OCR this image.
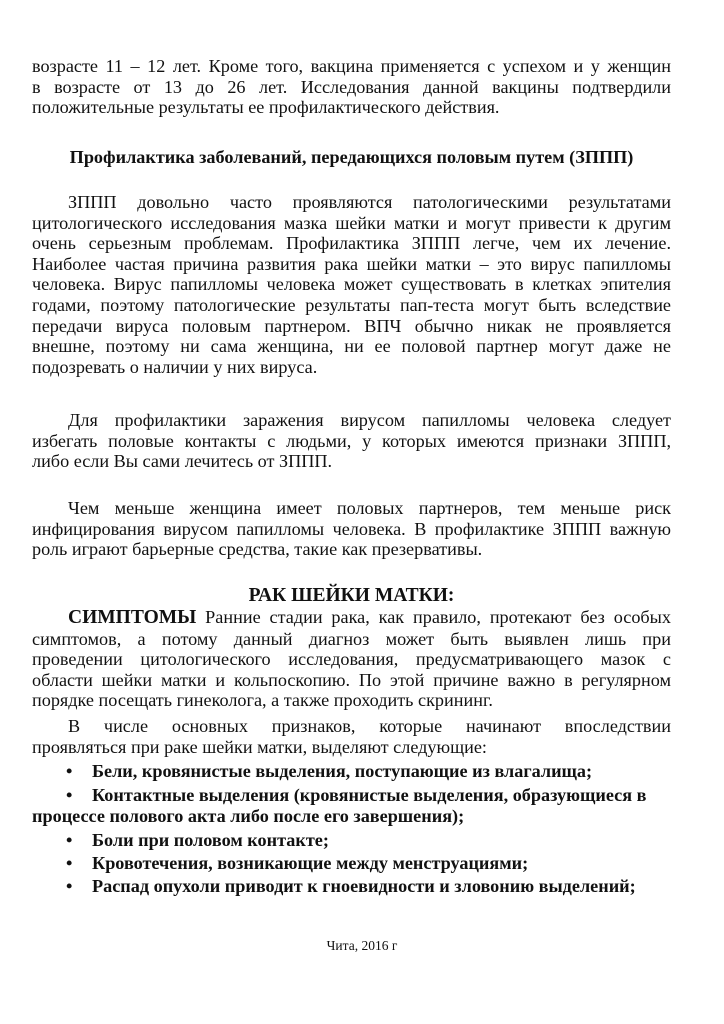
возрасте 11 – 12 лет. Кроме того, вакцина применяется с успехом и у женщин
в возрасте от 13 до 26 лет. Исследования данной вакцины подтвердили
положительные результаты ее профилактического действия.
Профилактика заболеваний, передающихся половым путем (ЗППП)
ЗППП довольно часто проявляются патологическими результатами
цитологического исследования мазка шейки матки и могут привести к другим
очень серьезным проблемам. Профилактика ЗППП легче, чем их лечение.
Наиболее частая причина развития рака шейки матки – это вирус папилломы
человека. Вирус папилломы человека может существовать в клетках эпителия
годами, поэтому патологические результаты пап-теста могут быть вследствие
передачи вируса половым партнером. ВПЧ обычно никак не проявляется
внешне, поэтому ни сама женщина, ни ее половой партнер могут даже не
подозревать о наличии у них вируса.
Для профилактики заражения вирусом папилломы человека следует
избегать половые контакты с людьми, у которых имеются признаки ЗППП,
либо если Вы сами лечитесь от ЗППП.
Чем меньше женщина имеет половых партнеров, тем меньше риск
инфицирования вирусом папилломы человека. В профилактике ЗППП важную
роль играют барьерные средства, такие как презервативы.
РАК ШЕЙКИ МАТКИ:
СИМПТОМЫ Ранние стадии рака, как правило, протекают без особых
симптомов, а потому данный диагноз может быть выявлен лишь при
проведении цитологического исследования, предусматривающего мазок с
области шейки матки и кольпоскопию. По этой причине важно в регулярном
порядке посещать гинеколога, а также проходить скрининг.
В числе основных признаков, которые начинают впоследствии
проявляться при раке шейки матки, выделяют следующие:
• Бели, кровянистые выделения, поступающие из влагалища;
• Контактные выделения (кровянистые выделения, образующиеся в
процессе полового акта либо после его завершения);
• Боли при половом контакте;
• Кровотечения, возникающие между менструациями;
• Распад опухоли приводит к гноевидности и зловонию выделений;
Чита, 2016 г
